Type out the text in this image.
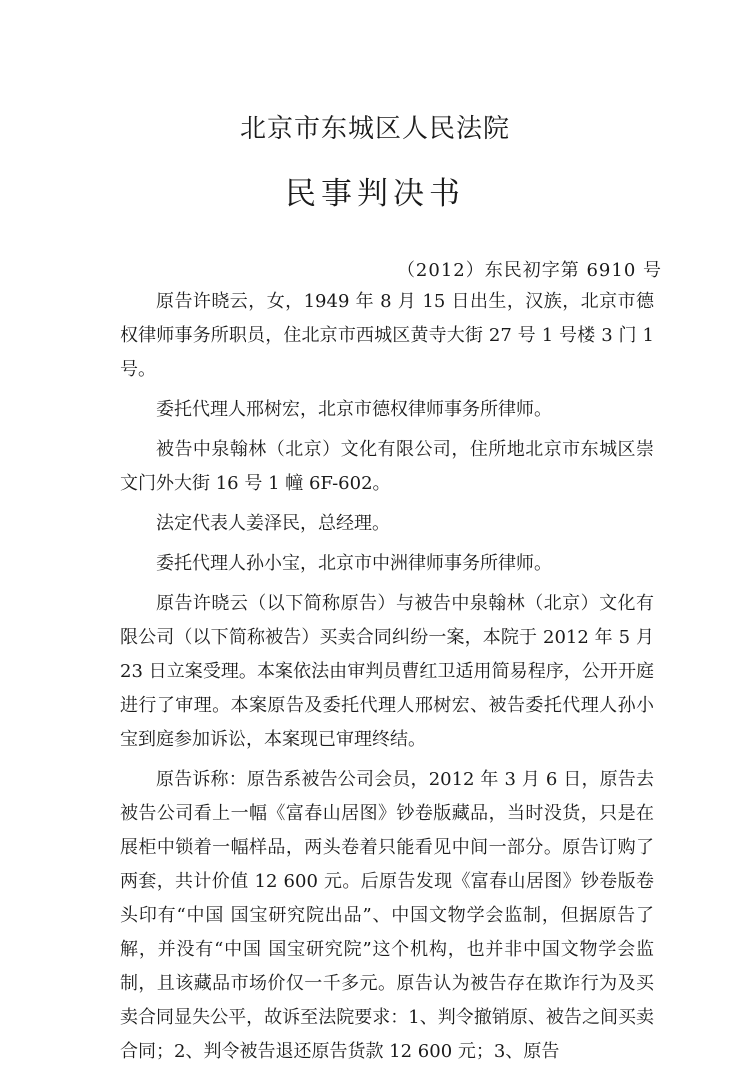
北京市东城区人民法院
民事判决书
（2012）东民初字第 6910 号

原告许晓云，女，1949 年 8 月 15 日出生，汉族，北京市德权律师事务所职员，住北京市西城区黄寺大街 27 号 1 号楼 3 门 1 号。

委托代理人邢树宏，北京市德权律师事务所律师。

被告中泉翰林（北京）文化有限公司，住所地北京市东城区崇文门外大街 16 号 1 幢 6F-602。

法定代表人姜泽民，总经理。

委托代理人孙小宝，北京市中洲律师事务所律师。

原告许晓云（以下简称原告）与被告中泉翰林（北京）文化有限公司（以下简称被告）买卖合同纠纷一案，本院于 2012 年 5 月 23 日立案受理。本案依法由审判员曹红卫适用简易程序，公开开庭进行了审理。本案原告及委托代理人邢树宏、被告委托代理人孙小宝到庭参加诉讼，本案现已审理终结。

原告诉称：原告系被告公司会员，2012 年 3 月 6 日，原告去被告公司看上一幅《富春山居图》钞卷版藏品，当时没货，只是在展柜中锁着一幅样品，两头卷着只能看见中间一部分。原告订购了两套，共计价值 12 600 元。后原告发现《富春山居图》钞卷版卷头印有“中国 国宝研究院出品”、中国文物学会监制，但据原告了解，并没有“中国 国宝研究院”这个机构，也并非中国文物学会监制，且该藏品市场价仅一千多元。原告认为被告存在欺诈行为及买卖合同显失公平，故诉至法院要求：1、判令撤销原、被告之间买卖合同；2、判令被告退还原告货款 12 600 元；3、原告
